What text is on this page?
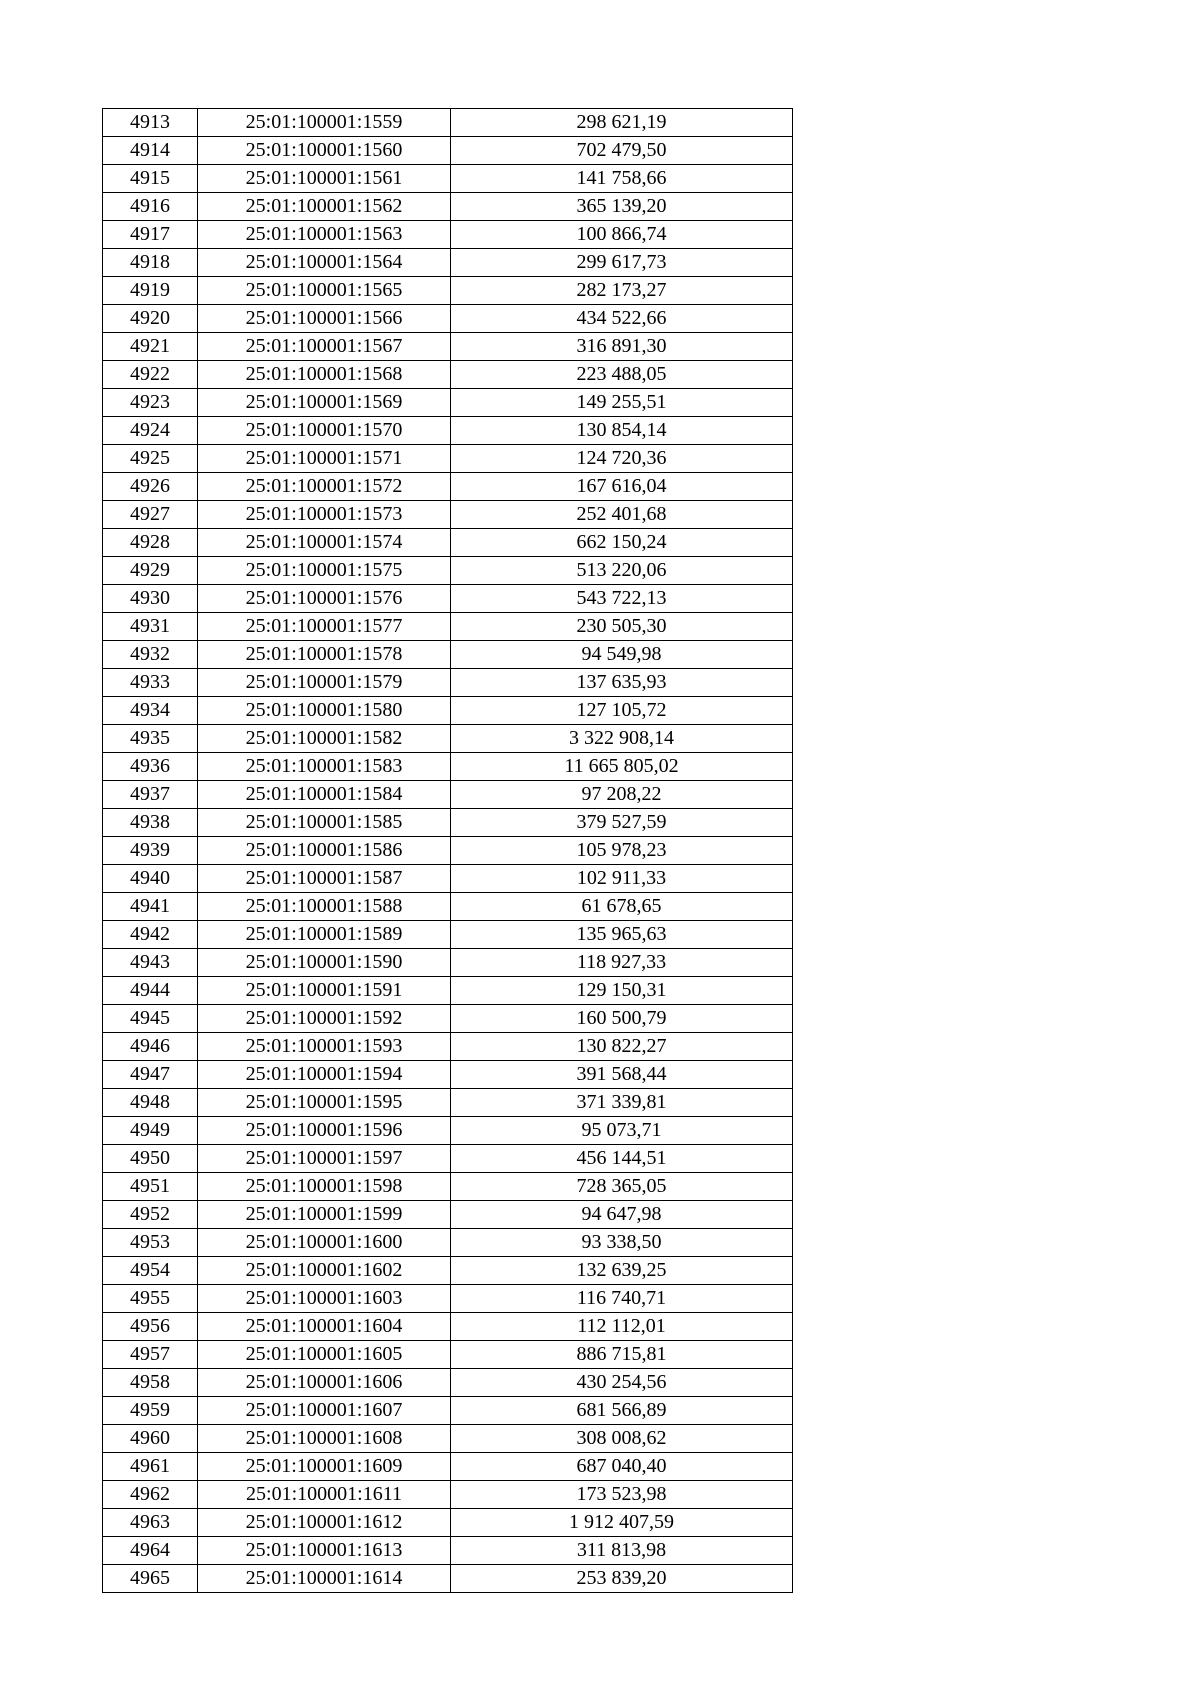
4913	25:01:100001:1559	298 621,19
4914	25:01:100001:1560	702 479,50
4915	25:01:100001:1561	141 758,66
4916	25:01:100001:1562	365 139,20
4917	25:01:100001:1563	100 866,74
4918	25:01:100001:1564	299 617,73
4919	25:01:100001:1565	282 173,27
4920	25:01:100001:1566	434 522,66
4921	25:01:100001:1567	316 891,30
4922	25:01:100001:1568	223 488,05
4923	25:01:100001:1569	149 255,51
4924	25:01:100001:1570	130 854,14
4925	25:01:100001:1571	124 720,36
4926	25:01:100001:1572	167 616,04
4927	25:01:100001:1573	252 401,68
4928	25:01:100001:1574	662 150,24
4929	25:01:100001:1575	513 220,06
4930	25:01:100001:1576	543 722,13
4931	25:01:100001:1577	230 505,30
4932	25:01:100001:1578	94 549,98
4933	25:01:100001:1579	137 635,93
4934	25:01:100001:1580	127 105,72
4935	25:01:100001:1582	3 322 908,14
4936	25:01:100001:1583	11 665 805,02
4937	25:01:100001:1584	97 208,22
4938	25:01:100001:1585	379 527,59
4939	25:01:100001:1586	105 978,23
4940	25:01:100001:1587	102 911,33
4941	25:01:100001:1588	61 678,65
4942	25:01:100001:1589	135 965,63
4943	25:01:100001:1590	118 927,33
4944	25:01:100001:1591	129 150,31
4945	25:01:100001:1592	160 500,79
4946	25:01:100001:1593	130 822,27
4947	25:01:100001:1594	391 568,44
4948	25:01:100001:1595	371 339,81
4949	25:01:100001:1596	95 073,71
4950	25:01:100001:1597	456 144,51
4951	25:01:100001:1598	728 365,05
4952	25:01:100001:1599	94 647,98
4953	25:01:100001:1600	93 338,50
4954	25:01:100001:1602	132 639,25
4955	25:01:100001:1603	116 740,71
4956	25:01:100001:1604	112 112,01
4957	25:01:100001:1605	886 715,81
4958	25:01:100001:1606	430 254,56
4959	25:01:100001:1607	681 566,89
4960	25:01:100001:1608	308 008,62
4961	25:01:100001:1609	687 040,40
4962	25:01:100001:1611	173 523,98
4963	25:01:100001:1612	1 912 407,59
4964	25:01:100001:1613	311 813,98
4965	25:01:100001:1614	253 839,20
